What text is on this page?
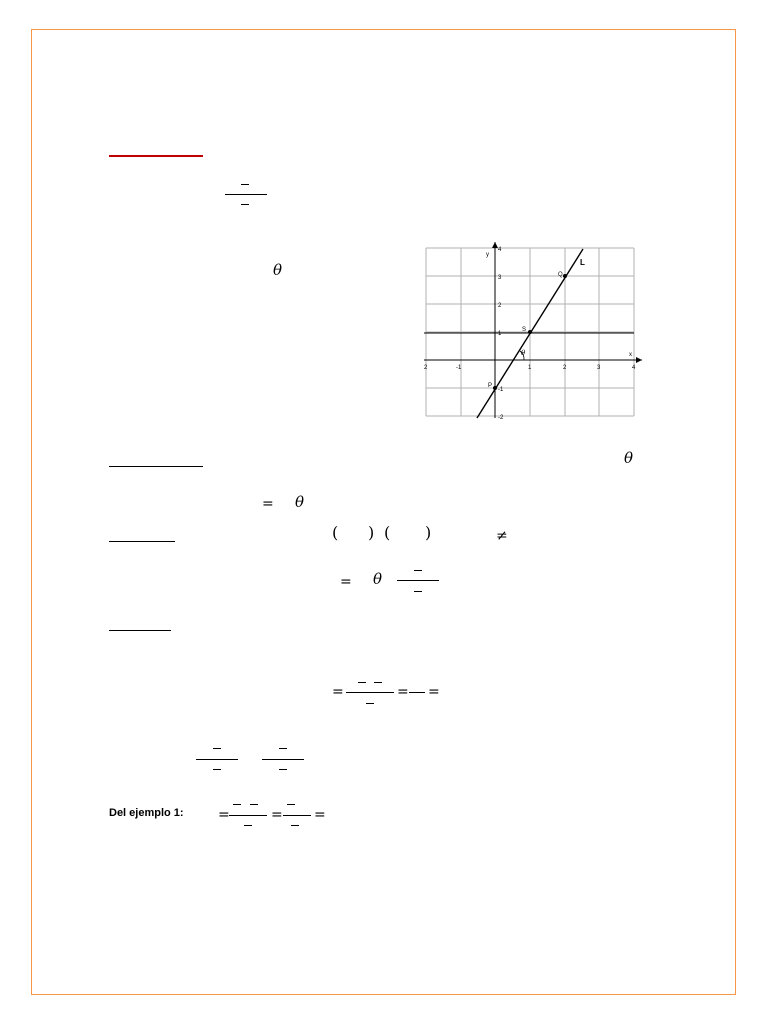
θ
2	-1	1	2	3	4
4
3
2
1
-1
-2
x
y
Q
S
P
L
θ
θ
= θ
( ) ( )	≠
= θ
=	= =
Del ejemplo 1: =	= =
